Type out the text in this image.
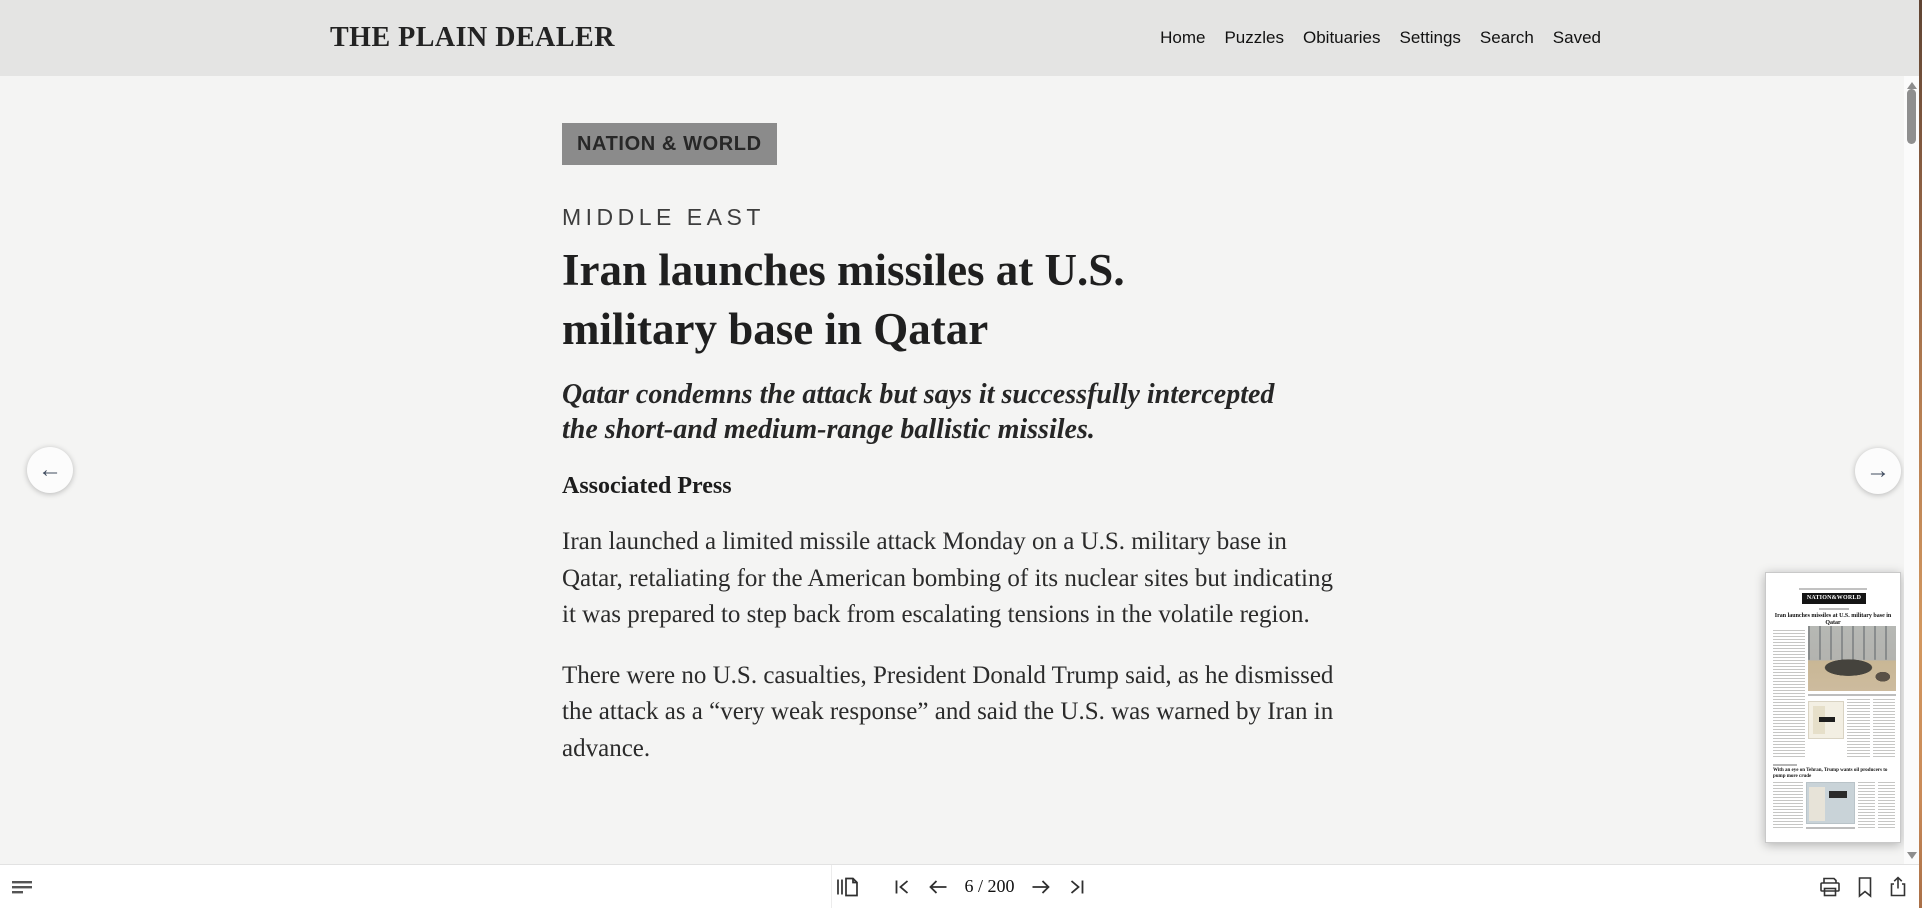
THE PLAIN DEALER	Home Puzzles Obituaries Settings Search Saved
NATION & WORLD
MIDDLE EAST
Iran launches missiles at U.S. military base in Qatar
Qatar condemns the attack but says it successfully intercepted the short-and medium-range ballistic missiles.
Associated Press

Iran launched a limited missile attack Monday on a U.S. military base in Qatar, retaliating for the American bombing of its nuclear sites but indicating it was prepared to step back from escalating tensions in the volatile region.

There were no U.S. casualties, President Donald Trump said, as he dismissed the attack as a “very weak response” and said the U.S. was warned by Iran in advance.

←	→
NATION&WORLD
Iran launches missiles at U.S. military base in Qatar
With an eye on Tehran, Trump wants oil producers to pump more crude
6 / 200
